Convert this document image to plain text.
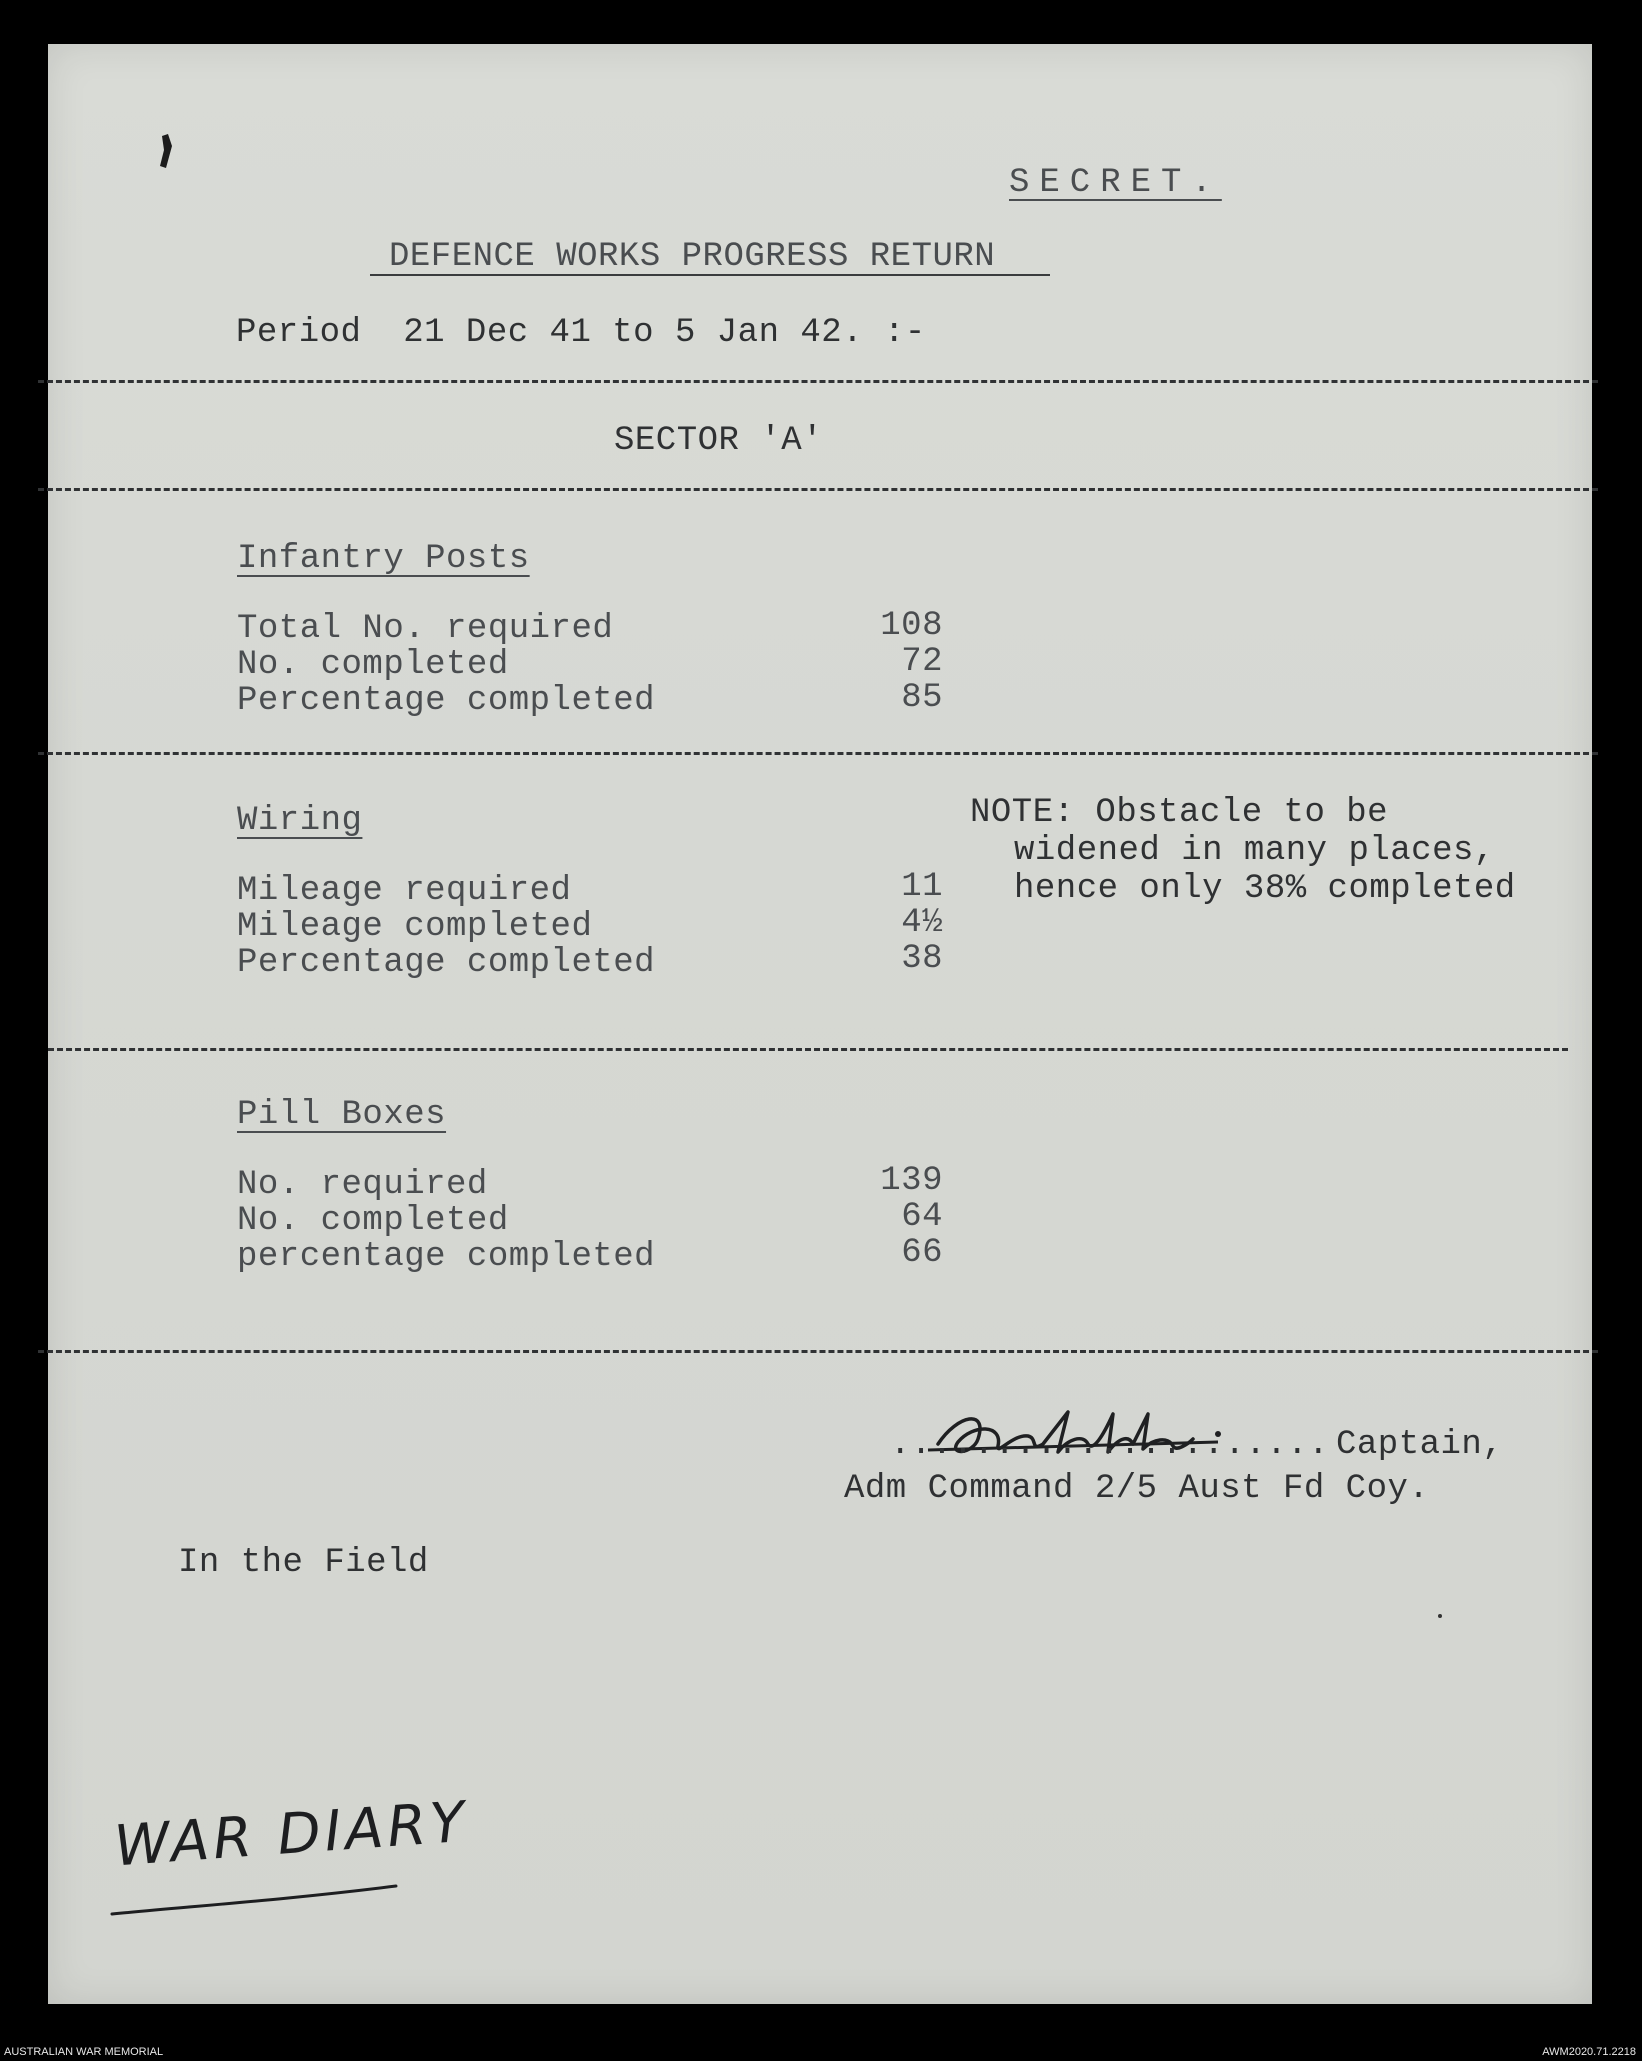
SECRET.
DEFENCE WORKS PROGRESS RETURN
Period  21 Dec 41 to 5 Jan 42. :-
SECTOR 'A'
Infantry Posts
Total No. required	108
No. completed	72
Percentage completed	85
Wiring	NOTE: Obstacle to be
widened in many places,
hence only 38% completed
Mileage required	11
Mileage completed	4½
Percentage completed	38
Pill Boxes
No. required	139
No. completed	64
percentage completed	66
..................... Captain,
Adm Command 2/5 Aust Fd Coy.
In the Field
WAR DIARY
AUSTRALIAN WAR MEMORIAL	AWM2020.71.2218
